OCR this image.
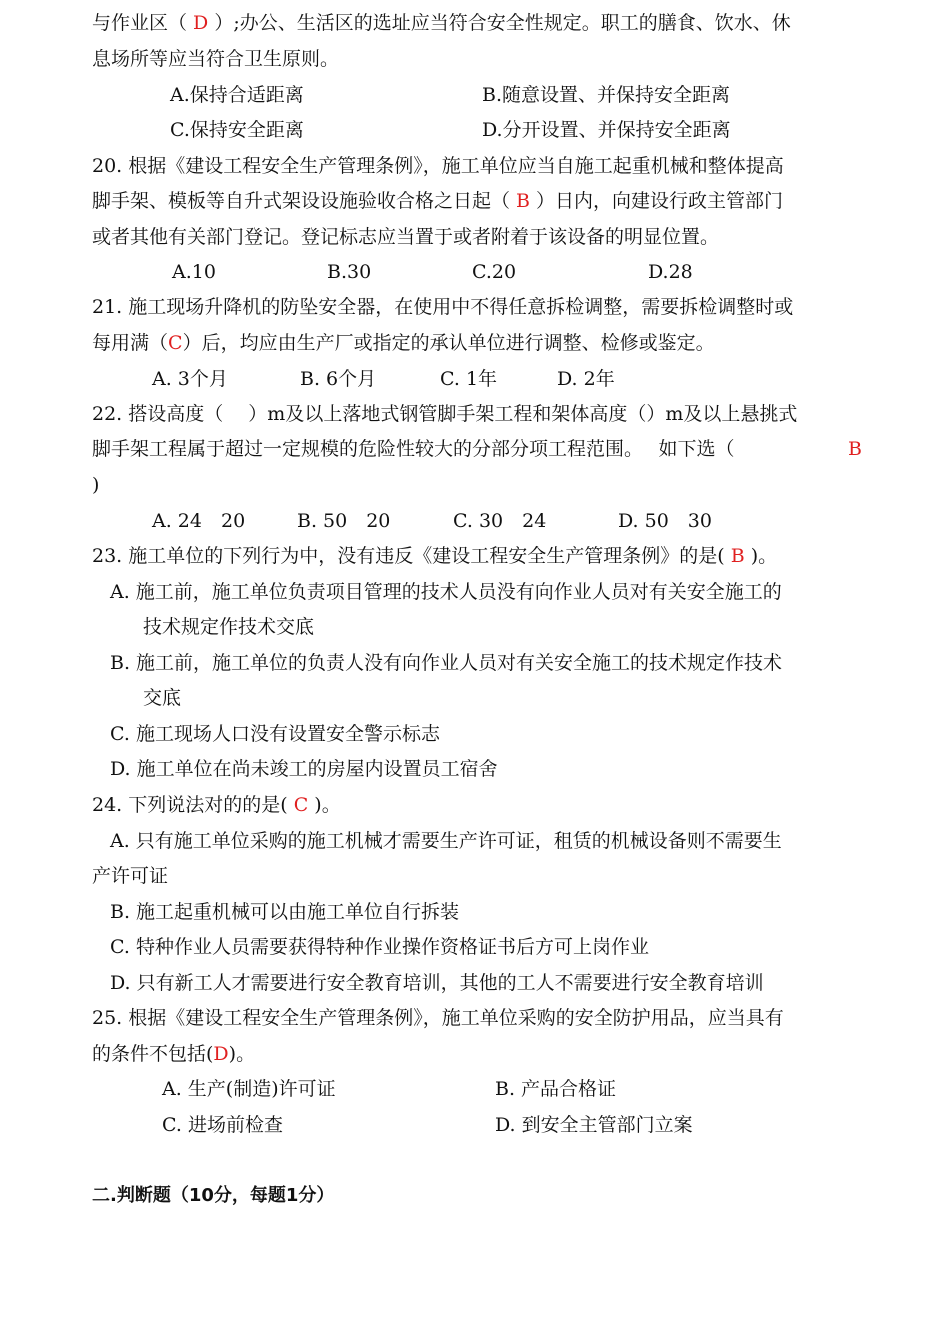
与作业区（ D ）;办公、生活区的选址应当符合安全性规定。职工的膳食、饮水、休
息场所等应当符合卫生原则。
A.保持合适距离	B.随意设置、并保持安全距离
C.保持安全距离	D.分开设置、并保持安全距离
20. 根据《建设工程安全生产管理条例》，施工单位应当自施工起重机械和整体提高
脚手架、模板等自升式架设设施验收合格之日起（ B ）日内，向建设行政主管部门
或者其他有关部门登记。登记标志应当置于或者附着于该设备的明显位置。
A.10	B.30	C.20	D.28
21. 施工现场升降机的防坠安全器，在使用中不得任意拆检调整，需要拆检调整时或
每用满（C）后，均应由生产厂或指定的承认单位进行调整、检修或鉴定。
A. 3个月	B. 6个月	C. 1年	D. 2年
22. 搭设高度（　 ）m及以上落地式钢管脚手架工程和架体高度（）m及以上悬挑式
脚手架工程属于超过一定规模的危险性较大的分部分项工程范围。　 如下选（　	B
)
A. 24　20	B. 50　20	C. 30　24	D. 50　30
23. 施工单位的下列行为中，没有违反《建设工程安全生产管理条例》的是( B )。
A. 施工前，施工单位负责项目管理的技术人员没有向作业人员对有关安全施工的
技术规定作技术交底
B. 施工前，施工单位的负责人没有向作业人员对有关安全施工的技术规定作技术
交底
C. 施工现场人口没有设置安全警示标志
D. 施工单位在尚未竣工的房屋内设置员工宿舍
24. 下列说法对的的是( C )。
A. 只有施工单位采购的施工机械才需要生产许可证，租赁的机械设备则不需要生
产许可证
B. 施工起重机械可以由施工单位自行拆装
C. 特种作业人员需要获得特种作业操作资格证书后方可上岗作业
D. 只有新工人才需要进行安全教育培训，其他的工人不需要进行安全教育培训
25. 根据《建设工程安全生产管理条例》，施工单位采购的安全防护用品，应当具有
的条件不包括(D)。
A. 生产(制造)许可证	B. 产品合格证
C. 进场前检查	D. 到安全主管部门立案
二.判断题（10分，每题1分）
